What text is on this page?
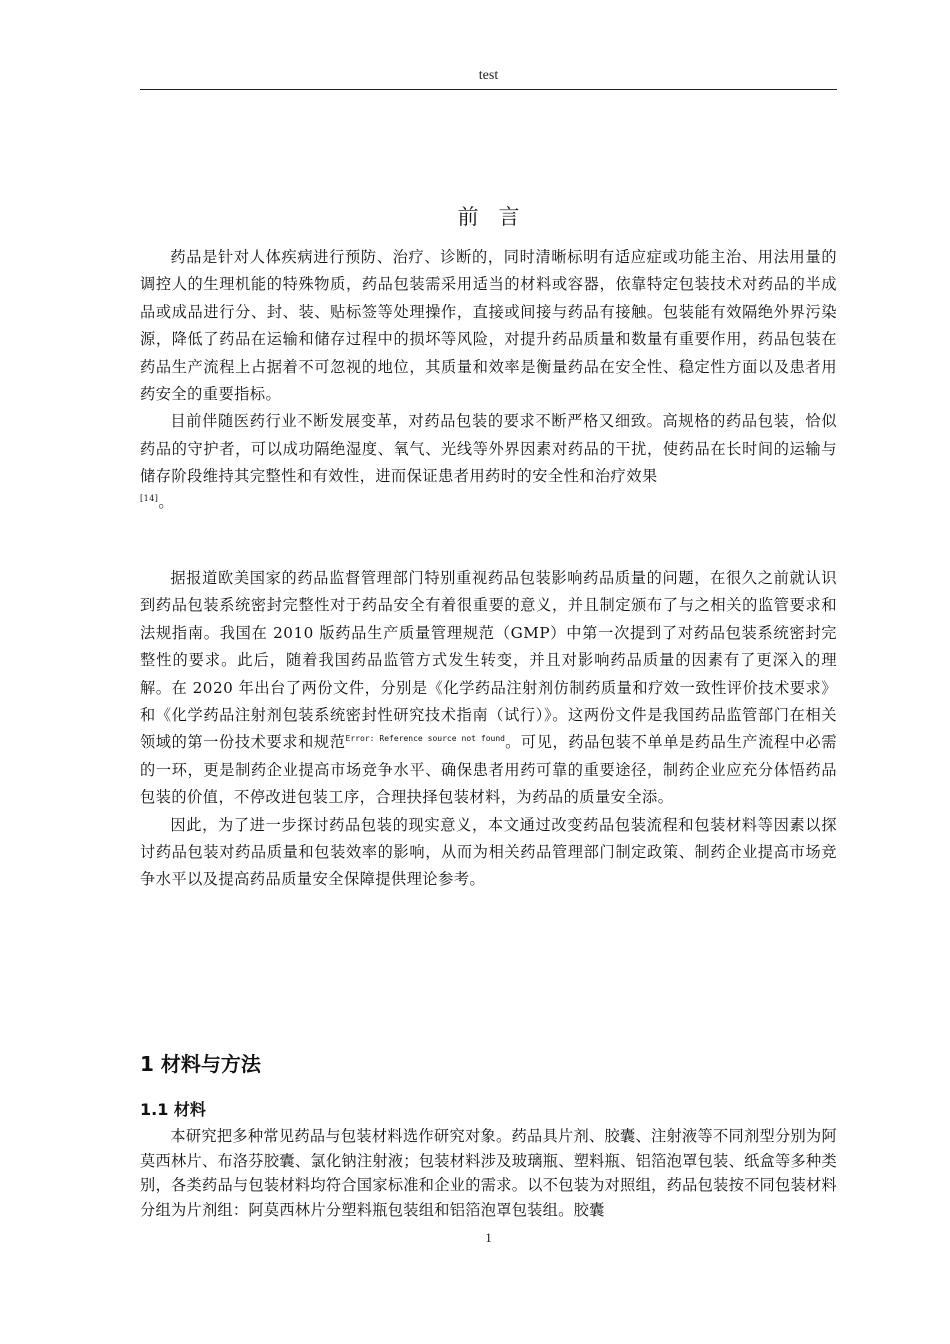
test
前言

药品是针对人体疾病进行预防、治疗、诊断的，同时清晰标明有适应症或功能主治、用法用量的调控人的生理机能的特殊物质，药品包装需采用适当的材料或容器，依靠特定包装技术对药品的半成品或成品进行分、封、装、贴标签等处理操作，直接或间接与药品有接触。包装能有效隔绝外界污染源，降低了药品在运输和储存过程中的损坏等风险，对提升药品质量和数量有重要作用，药品包装在药品生产流程上占据着不可忽视的地位，其质量和效率是衡量药品在安全性、稳定性方面以及患者用药安全的重要指标。

目前伴随医药行业不断发展变革，对药品包装的要求不断严格又细致。高规格的药品包装，恰似药品的守护者，可以成功隔绝湿度、氧气、光线等外界因素对药品的干扰，使药品在长时间的运输与储存阶段维持其完整性和有效性，进而保证患者用药时的安全性和治疗效果

[14]。

据报道欧美国家的药品监督管理部门特别重视药品包装影响药品质量的问题，在很久之前就认识到药品包装系统密封完整性对于药品安全有着很重要的意义，并且制定颁布了与之相关的监管要求和法规指南。我国在 2010 版药品生产质量管理规范（GMP）中第一次提到了对药品包装系统密封完整性的要求。此后，随着我国药品监管方式发生转变，并且对影响药品质量的因素有了更深入的理解。在 2020 年出台了两份文件，分别是《化学药品注射剂仿制药质量和疗效一致性评价技术要求》和《化学药品注射剂包装系统密封性研究技术指南（试行）》。这两份文件是我国药品监管部门在相关领域的第一份技术要求和规范$^{Error: Reference source not found}$。可见，药品包装不单单是药品生产流程中必需的一环，更是制药企业提高市场竞争水平、确保患者用药可靠的重要途径，制药企业应充分体悟药品包装的价值，不停改进包装工序，合理抉择包装材料，为药品的质量安全添。

因此，为了进一步探讨药品包装的现实意义，本文通过改变药品包装流程和包装材料等因素以探讨药品包装对药品质量和包装效率的影响，从而为相关药品管理部门制定政策、制药企业提高市场竞争水平以及提高药品质量安全保障提供理论参考。

1 材料与方法
1.1 材料

本研究把多种常见药品与包装材料选作研究对象。药品具片剂、胶囊、注射液等不同剂型分别为阿莫西林片、布洛芬胶囊、氯化钠注射液；包装材料涉及玻璃瓶、塑料瓶、铝箔泡罩包装、纸盒等多种类别，各类药品与包装材料均符合国家标准和企业的需求。以不包装为对照组，药品包装按不同包装材料分组为片剂组：阿莫西林片分塑料瓶包装组和铝箔泡罩包装组。胶囊

1
